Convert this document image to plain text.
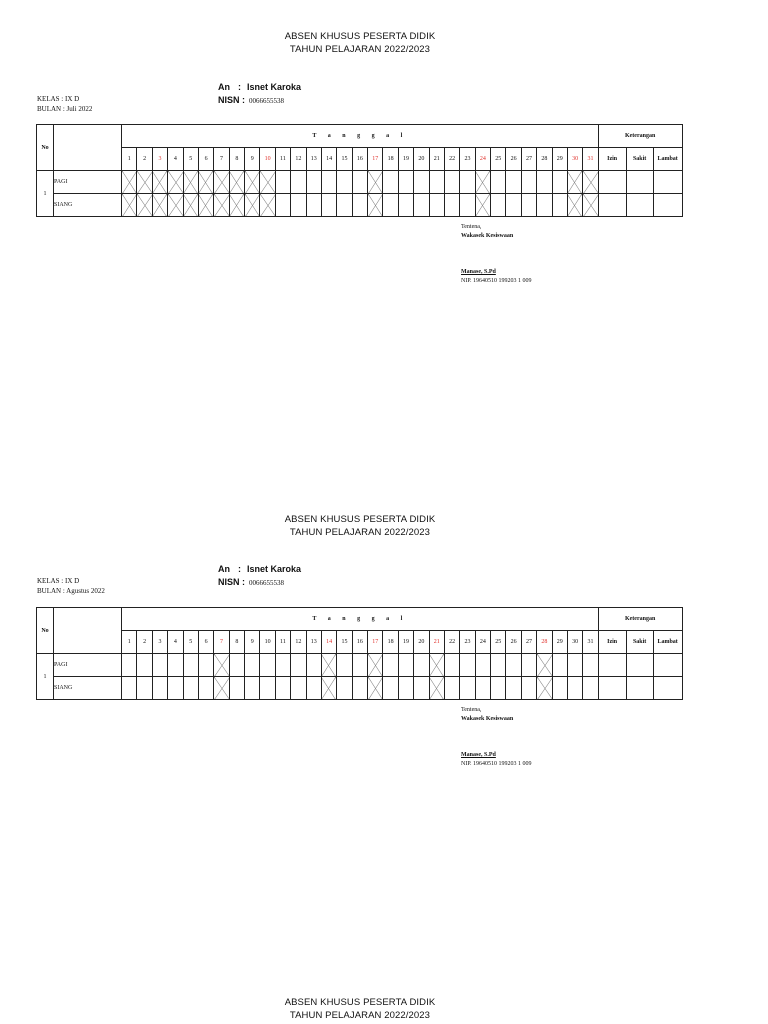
ABSEN KHUSUS PESERTA DIDIK
TAHUN PELAJARAN 2022/2023
An : Isnet Karoka
NISN : 0066655538
KELAS : IX D
BULAN : Juli 2022
No		T a n g g a l																															Keterangan		
		1	2	3	4	5	6	7	8	9	10	11	12	13	14	15	16	17	18	19	20	21	22	23	24	25	26	27	28	29	30	31	Izin	Sakit	Lambat
1	PAGI																																		
	SIANG																																		
Tentena,
Wakasek Kesiswaan
Manase, S.Pd
NIP. 19640510 199203 1 009
ABSEN KHUSUS PESERTA DIDIK
TAHUN PELAJARAN 2022/2023
An : Isnet Karoka
NISN : 0066655538
KELAS : IX D
BULAN : Agustus 2022
No		T a n g g a l																															Keterangan		
		1	2	3	4	5	6	7	8	9	10	11	12	13	14	15	16	17	18	19	20	21	22	23	24	25	26	27	28	29	30	31	Izin	Sakit	Lambat
1	PAGI																																		
	SIANG																																		
Tentena,
Wakasek Kesiswaan
Manase, S.Pd
NIP. 19640510 199203 1 009
ABSEN KHUSUS PESERTA DIDIK
TAHUN PELAJARAN 2022/2023
